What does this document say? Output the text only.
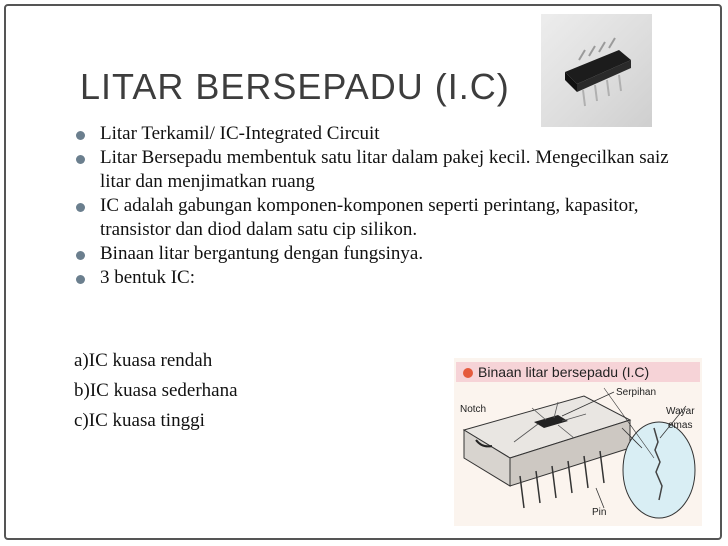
LITAR BERSEPADU (I.C)
Litar Terkamil/ IC-Integrated Circuit
Litar Bersepadu membentuk satu litar dalam pakej kecil. Mengecilkan saiz litar dan menjimatkan ruang
IC adalah gabungan komponen-komponen seperti perintang, kapasitor, transistor dan diod dalam satu cip silikon.
Binaan litar bergantung dengan fungsinya.
3 bentuk IC:
a)IC kuasa rendah
b)IC kuasa sederhana
c)IC kuasa tinggi
Binaan litar bersepadu (I.C)
Notch
Serpihan
Wayar
emas
Pin
